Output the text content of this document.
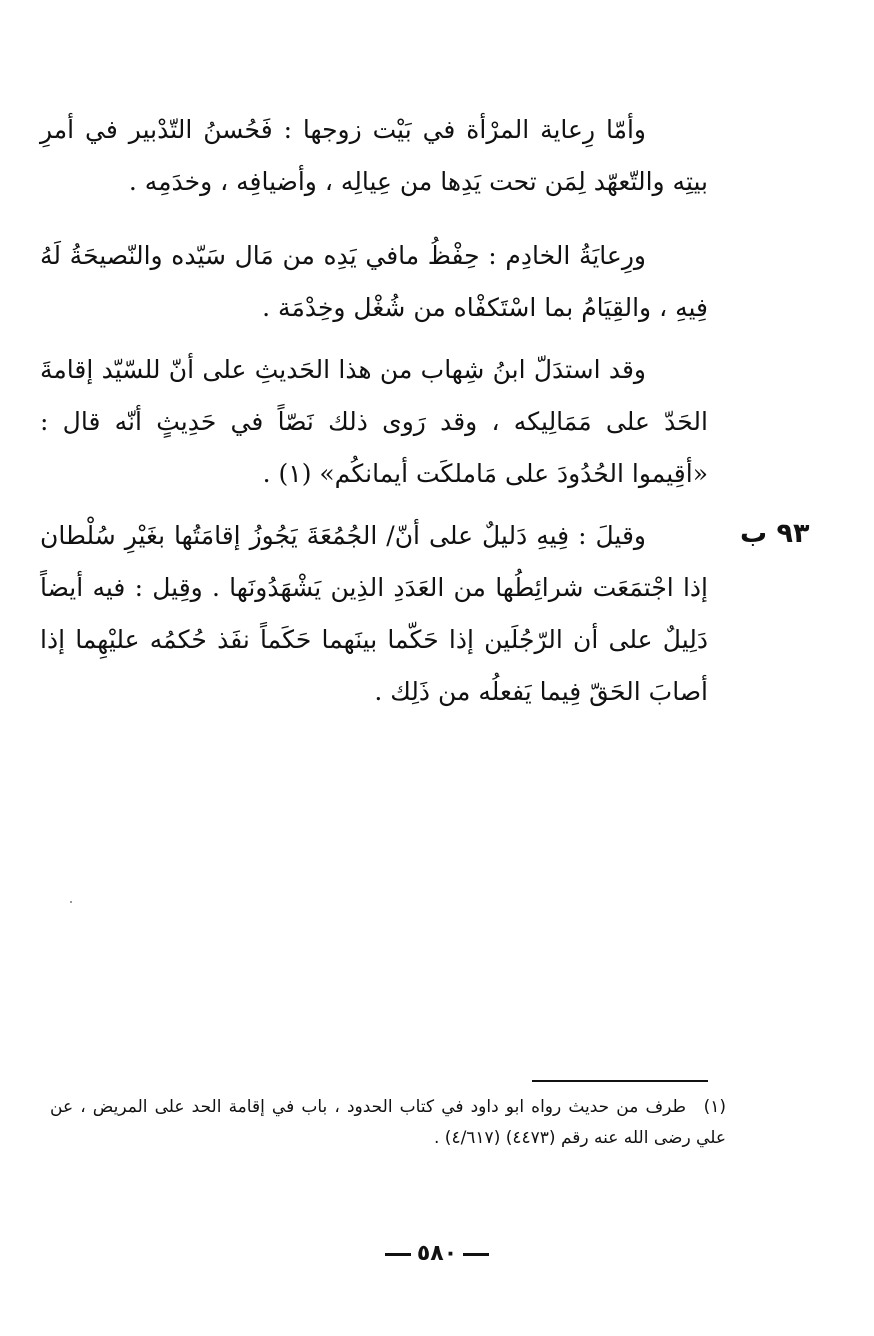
وأمّا رِعاية المرْأة في بَيْت زوجها : فَحُسنُ التّدْبير في أمرِ بيتِه والتّعهّد لِمَن تحت يَدِها من عِيالِه ، وأضيافِه ، وخدَمِه .

ورِعايَةُ الخادِم : حِفْظُ مافي يَدِه من مَال سَيّده والنّصيحَةُ لَهُ فِيهِ ، والقِيَامُ بما اسْتَكفْاه من شُغْل وخِدْمَة .

وقد استدَلّ ابنُ شِهاب من هذا الحَديثِ على أنّ للسّيّد إقامةَ الحَدّ على مَمَالِيكه ، وقد رَوى ذلك نَصّاً في حَدِيثٍ أنّه قال : «أقِيموا الحُدُودَ على مَاملكَت أيمانكُم» (١) .

وقيلَ : فِيهِ دَليلٌ على أنّ/ الجُمُعَةَ يَجُوزُ إقامَتُها بغَيْرِ سُلْطان إذا اجْتمَعَت شرائِطُها من العَدَدِ الذِين يَشْهَدُونَها . وقِيل : فيه أيضاً دَلِيلٌ على أن الرّجُلَين إذا حَكّما بينَهما حَكَماً نفَذ حُكمُه عليْهِما إذا أصابَ الحَقّ فِيما يَفعلُه من ذَلِك .

٩٣ ب
(١)طرف من حديث رواه ابو داود في كتاب الحدود ، باب في إقامة الحد على المريض ، عن علي رضى الله عنه رقم (٤٤٧٣) (٤/٦١٧) .
٥٨٠
